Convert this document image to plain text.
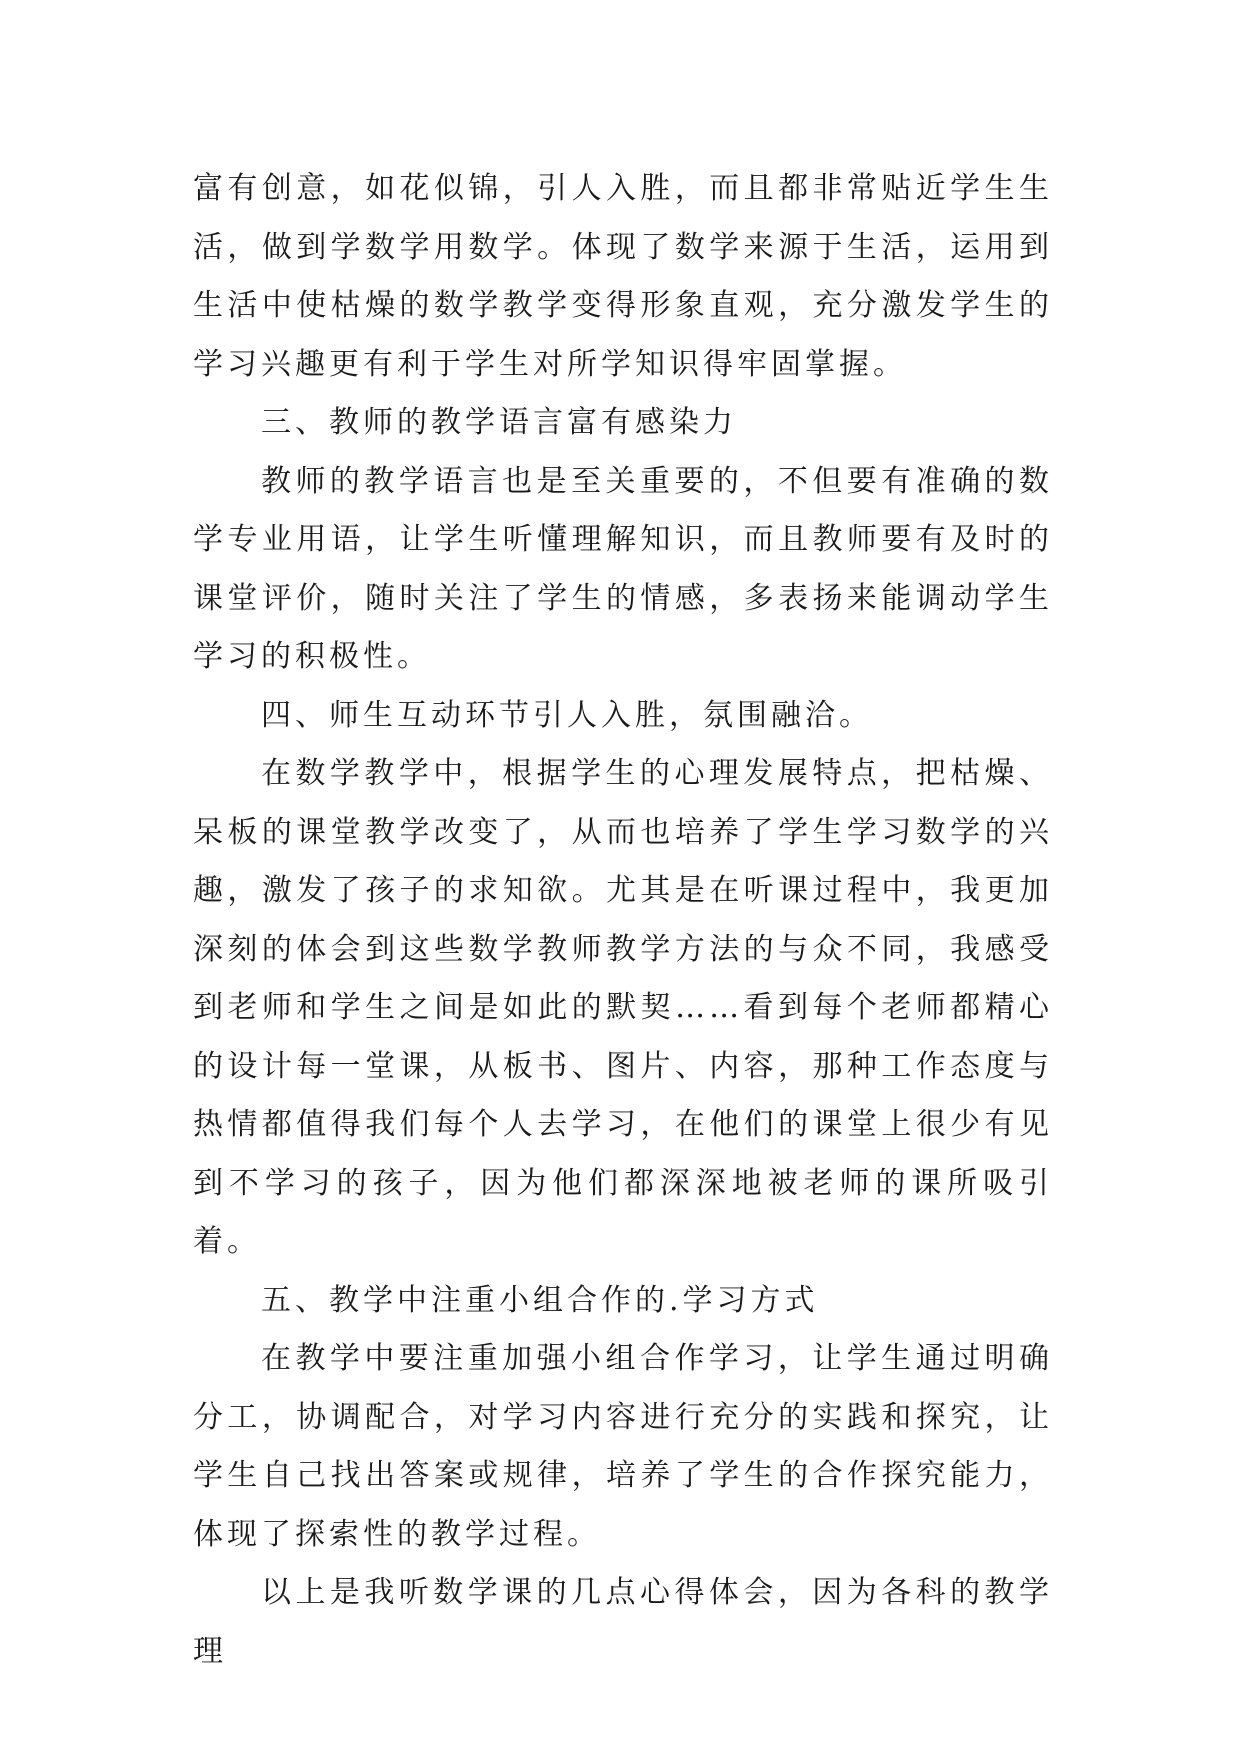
富有创意，如花似锦，引人入胜，而且都非常贴近学生生活，做到学数学用数学。体现了数学来源于生活，运用到生活中使枯燥的数学教学变得形象直观，充分激发学生的学习兴趣更有利于学生对所学知识得牢固掌握。

三、教师的教学语言富有感染力

教师的教学语言也是至关重要的，不但要有准确的数学专业用语，让学生听懂理解知识，而且教师要有及时的课堂评价，随时关注了学生的情感，多表扬来能调动学生学习的积极性。

四、师生互动环节引人入胜，氛围融洽。

在数学教学中，根据学生的心理发展特点，把枯燥、呆板的课堂教学改变了，从而也培养了学生学习数学的兴趣，激发了孩子的求知欲。尤其是在听课过程中，我更加深刻的体会到这些数学教师教学方法的与众不同，我感受到老师和学生之间是如此的默契……看到每个老师都精心的设计每一堂课，从板书、图片、内容，那种工作态度与热情都值得我们每个人去学习，在他们的课堂上很少有见到不学习的孩子，因为他们都深深地被老师的课所吸引着。

五、教学中注重小组合作的.学习方式

在教学中要注重加强小组合作学习，让学生通过明确分工，协调配合，对学习内容进行充分的实践和探究，让学生自己找出答案或规律，培养了学生的合作探究能力，体现了探索性的教学过程。

以上是我听数学课的几点心得体会，因为各科的教学理
